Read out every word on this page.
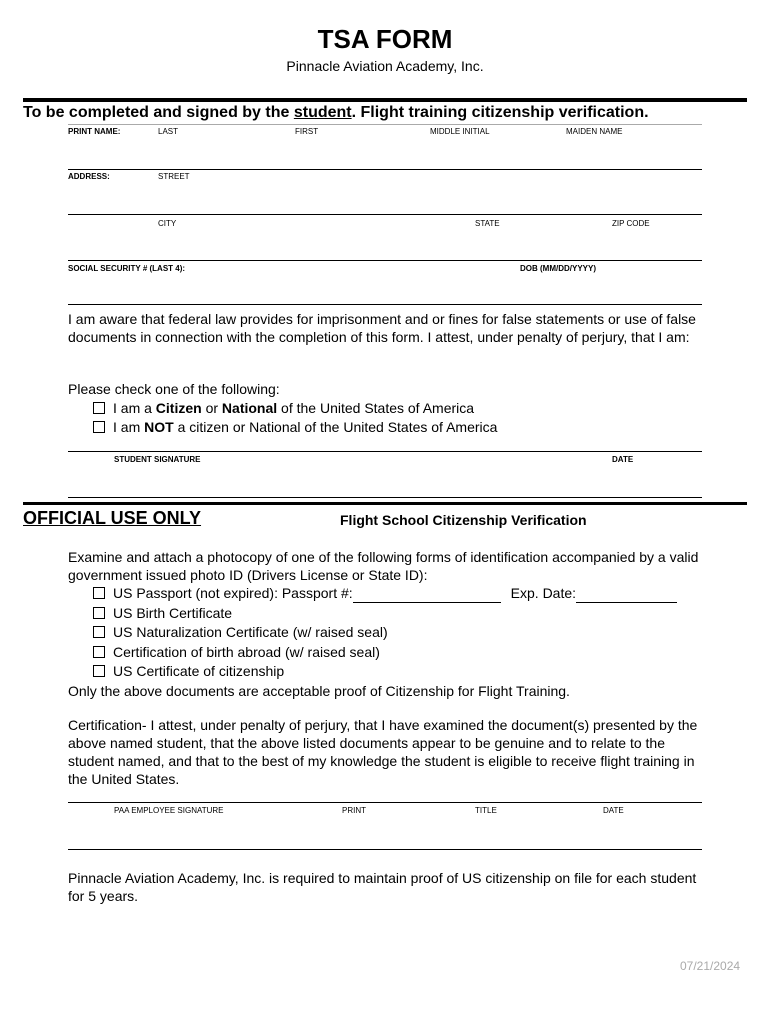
TSA FORM
Pinnacle Aviation Academy, Inc.
To be completed and signed by the student. Flight training citizenship verification.
PRINT NAME:	LAST	FIRST	MIDDLE INITIAL	MAIDEN NAME
ADDRESS:	STREET
CITY	STATE	ZIP CODE
SOCIAL SECURITY # (LAST 4):	DOB (MM/DD/YYYY)
I am aware that federal law provides for imprisonment and or fines for false statements or use of false documents in connection with the completion of this form. I attest, under penalty of perjury, that I am:
Please check one of the following:
I am a Citizen or National of the United States of America
I am NOT a citizen or National of the United States of America
STUDENT SIGNATURE	DATE
OFFICIAL USE ONLY	Flight School Citizenship Verification
Examine and attach a photocopy of one of the following forms of identification accompanied by a valid government issued photo ID (Drivers License or State ID):
US Passport (not expired): Passport #:	Exp. Date:
US Birth Certificate
US Naturalization Certificate (w/ raised seal)
Certification of birth abroad (w/ raised seal)
US Certificate of citizenship
Only the above documents are acceptable proof of Citizenship for Flight Training.
Certification- I attest, under penalty of perjury, that I have examined the document(s) presented by the above named student, that the above listed documents appear to be genuine and to relate to the student named, and that to the best of my knowledge the student is eligible to receive flight training in the United States.
PAA EMPLOYEE SIGNATURE	PRINT	TITLE	DATE
Pinnacle Aviation Academy, Inc. is required to maintain proof of US citizenship on file for each student for 5 years.
07/21/2024
